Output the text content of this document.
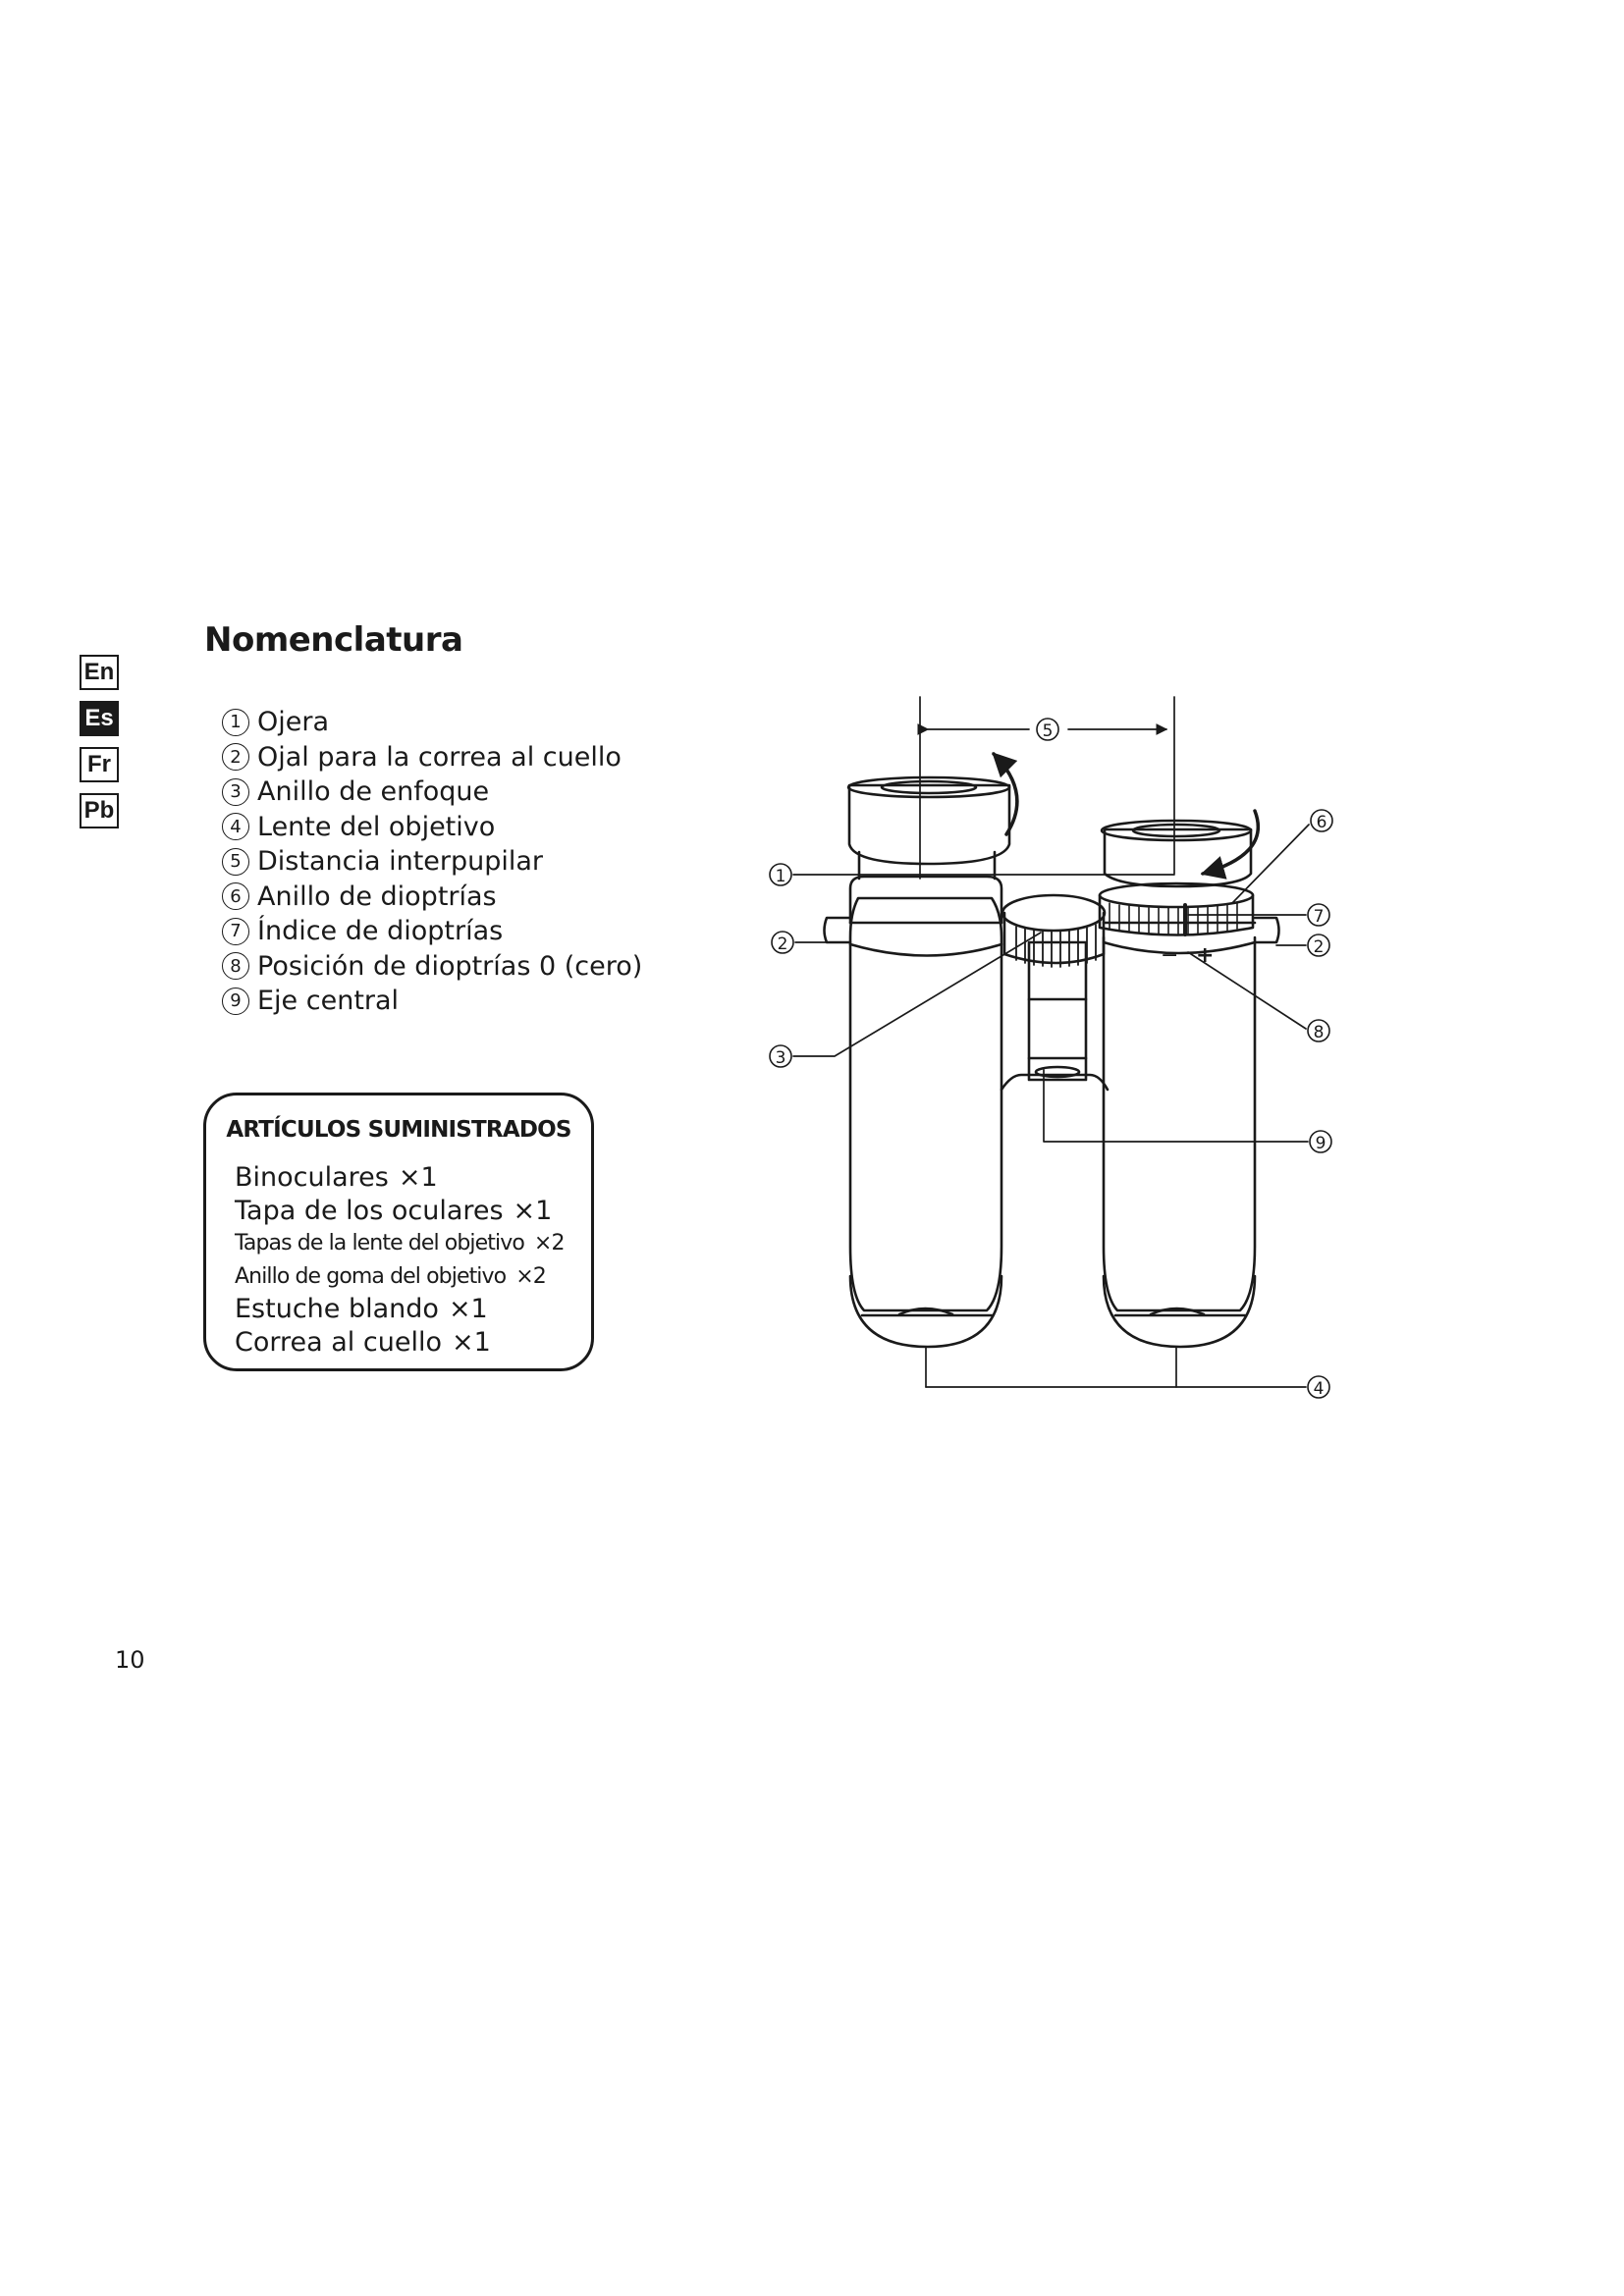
En
Es
Fr
Pb
Nomenclatura
1 Ojera
2 Ojal para la correa al cuello
3 Anillo de enfoque
4 Lente del objetivo
5 Distancia interpupilar
6 Anillo de dioptrías
7 Índice de dioptrías
8 Posición de dioptrías 0 (cero)
9 Eje central
ARTÍCULOS SUMINISTRADOS
Binoculares ×1
Tapa de los oculares ×1
Tapas de la lente del objetivo ×2
Anillo de goma del objetivo ×2
Estuche blando ×1
Correa al cuello ×1
− +
5
1
2
3
6
7
2
8
9
4
10
